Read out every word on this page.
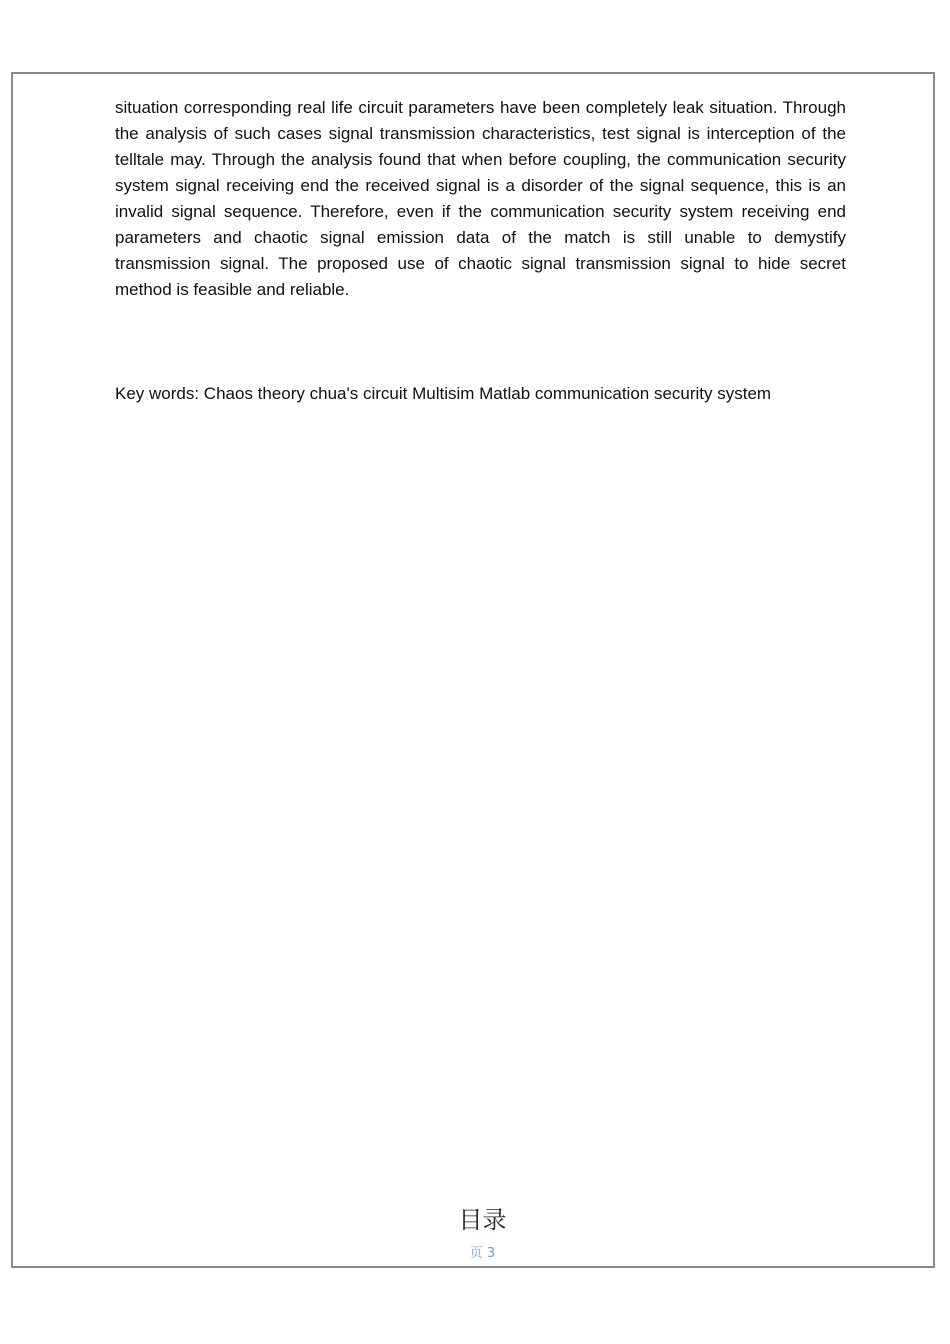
situation corresponding real life circuit parameters have been completely leak situation. Through the analysis of such cases signal transmission characteristics, test signal is interception of the telltale may. Through the analysis found that when before coupling, the communication security system signal receiving end the received signal is a disorder of the signal sequence, this is an invalid signal sequence. Therefore, even if the communication security system receiving end parameters and chaotic signal emission data of the match is still unable to demystify transmission signal. The proposed use of chaotic signal transmission signal to hide secret method is feasible and reliable.

Key words: Chaos theory chua's circuit Multisim Matlab communication security system

目录
页 3
